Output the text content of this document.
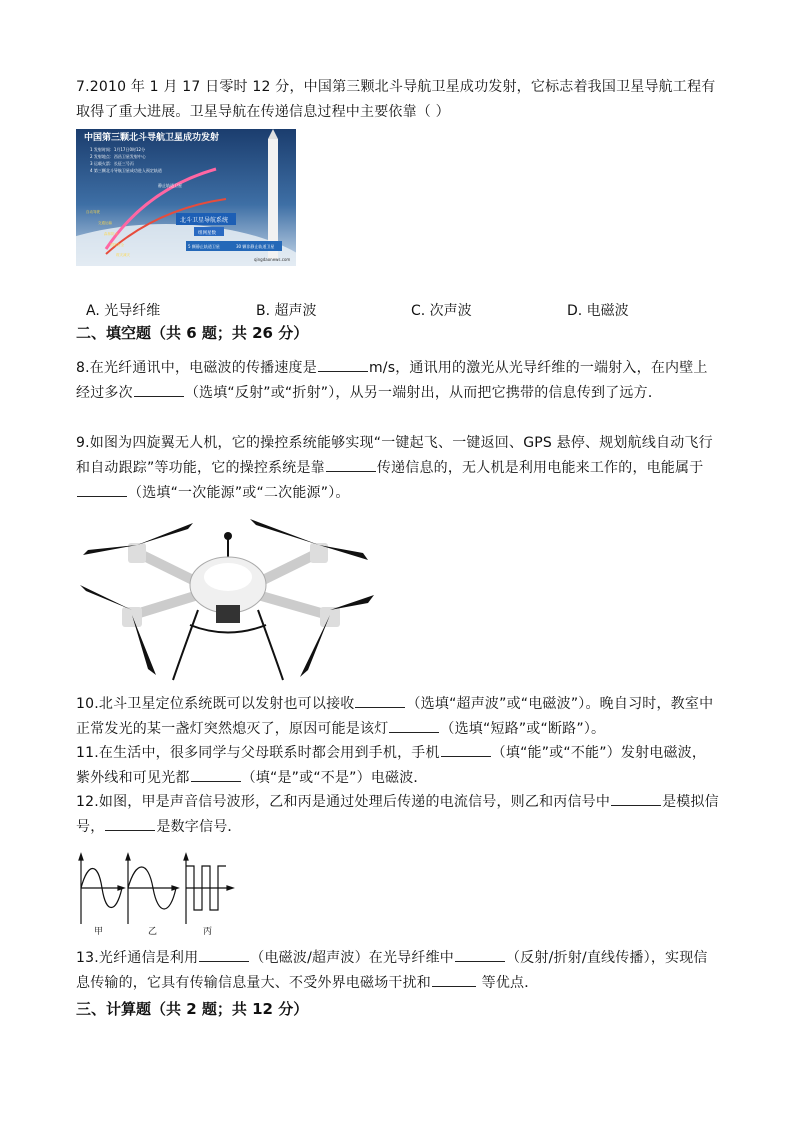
7.2010 年 1 月 17 日零时 12 分，中国第三颗北斗导航卫星成功发射，它标志着我国卫星导航工程有取得了重大进展。卫星导航在传递信息过程中主要依靠（ ）
中国第三颗北斗导航卫星成功发射
1 发射时间：1月17日0时12分
2 发射地点：西昌卫星发射中心
3 运载火箭：长征三号丙
4 第三颗北斗导航卫星成功进入预定轨道
静止轨道卫星
北斗卫星导航系统
组网星数
5 颗静止轨道卫星	30 颗非静止轨道卫星
自动驾驶
交通运输
森林防火
国防安全
救灾减灾
qingdaonews.com
A. 光导纤维	B. 超声波	C. 次声波	D. 电磁波
二、填空题（共 6 题；共 26 分）
8.在光纤通讯中，电磁波的传播速度是	m/s，通讯用的激光从光导纤维的一端射入，在内壁上经过多次	（选填“反射”或“折射”），从另一端射出，从而把它携带的信息传到了远方．
9.如图为四旋翼无人机，它的操控系统能够实现“一键起飞、一键返回、GPS 悬停、规划航线自动飞行和自动跟踪”等功能，它的操控系统是靠	传递信息的，无人机是利用电能来工作的，电能属于（选填“一次能源”或“二次能源”）。
10.北斗卫星定位系统既可以发射也可以接收	（选填“超声波”或“电磁波”）。晚自习时，教室中正常发光的某一盏灯突然熄灭了，原因可能是该灯	（选填“短路”或“断路”）。
11.在生活中，很多同学与父母联系时都会用到手机，手机	（填“能”或“不能”）发射电磁波，紫外线和可见光都	（填“是”或“不是”）电磁波．
12.如图，甲是声音信号波形，乙和丙是通过处理后传递的电流信号，则乙和丙信号中	是模拟信号，	是数字信号．
甲	乙	丙
13.光纤通信是利用	（电磁波/超声波）在光导纤维中	（反射/折射/直线传播），实现信息传输的，它具有传输信息量大、不受外界电磁场干扰和	等优点．
三、计算题（共 2 题；共 12 分）
